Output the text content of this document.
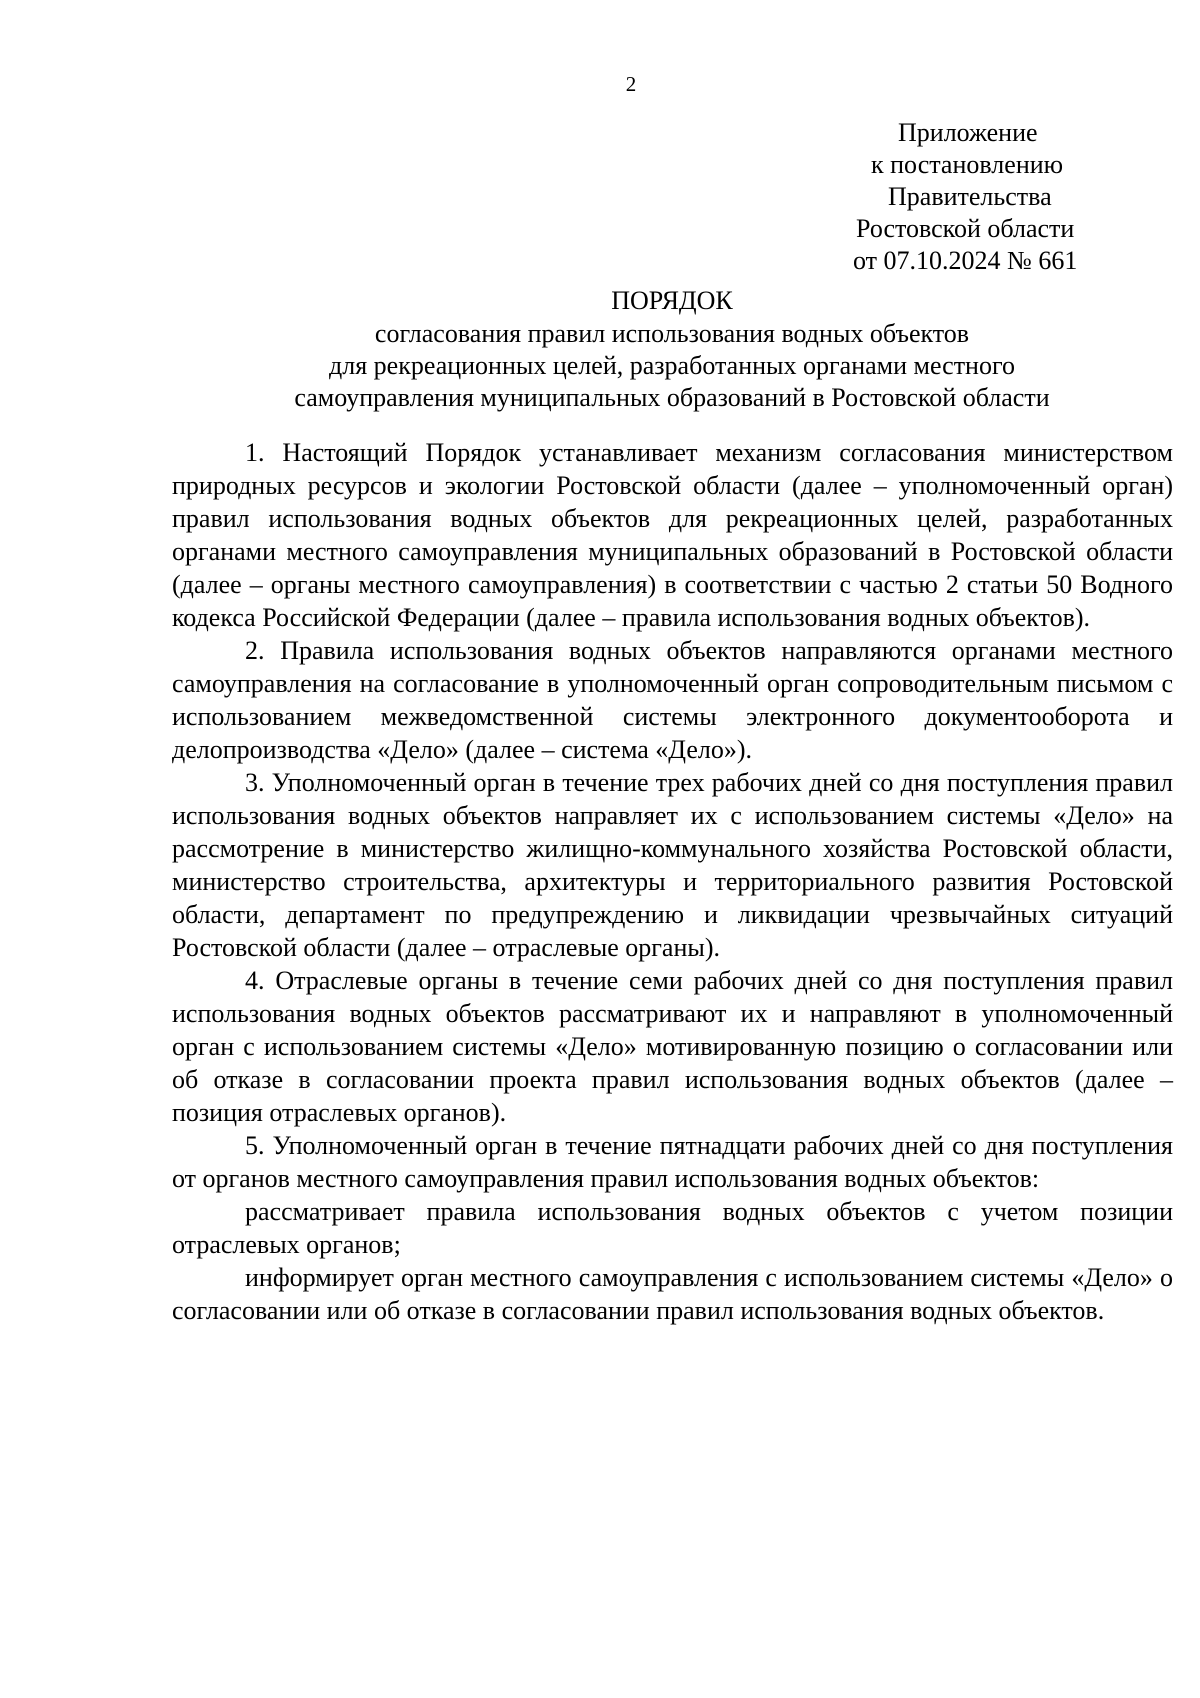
2
Приложение
к постановлению
Правительства
Ростовской области
от 07.10.2024 № 661
ПОРЯДОК
согласования правил использования водных объектов
для рекреационных целей, разработанных органами местного
самоуправления муниципальных образований в Ростовской области

1. Настоящий Порядок устанавливает механизм согласования министерством природных ресурсов и экологии Ростовской области (далее – уполномоченный орган) правил использования водных объектов для рекреационных целей, разработанных органами местного самоуправления муниципальных образований в Ростовской области (далее – органы местного самоуправления) в соответствии с частью 2 статьи 50 Водного кодекса Российской Федерации (далее – правила использования водных объектов).

2. Правила использования водных объектов направляются органами местного самоуправления на согласование в уполномоченный орган сопроводительным письмом с использованием межведомственной системы электронного документооборота и делопроизводства «Дело» (далее – система «Дело»).

3. Уполномоченный орган в течение трех рабочих дней со дня поступления правил использования водных объектов направляет их с использованием системы «Дело» на рассмотрение в министерство жилищно-коммунального хозяйства Ростовской области, министерство строительства, архитектуры и территориального развития Ростовской области, департамент по предупреждению и ликвидации чрезвычайных ситуаций Ростовской области (далее – отраслевые органы).

4. Отраслевые органы в течение семи рабочих дней со дня поступления правил использования водных объектов рассматривают их и направляют в уполномоченный орган с использованием системы «Дело» мотивированную позицию о согласовании или об отказе в согласовании проекта правил использования водных объектов (далее – позиция отраслевых органов).

5. Уполномоченный орган в течение пятнадцати рабочих дней со дня поступления от органов местного самоуправления правил использования водных объектов:

рассматривает правила использования водных объектов с учетом позиции отраслевых органов;

информирует орган местного самоуправления с использованием системы «Дело» о согласовании или об отказе в согласовании правил использования водных объектов.
